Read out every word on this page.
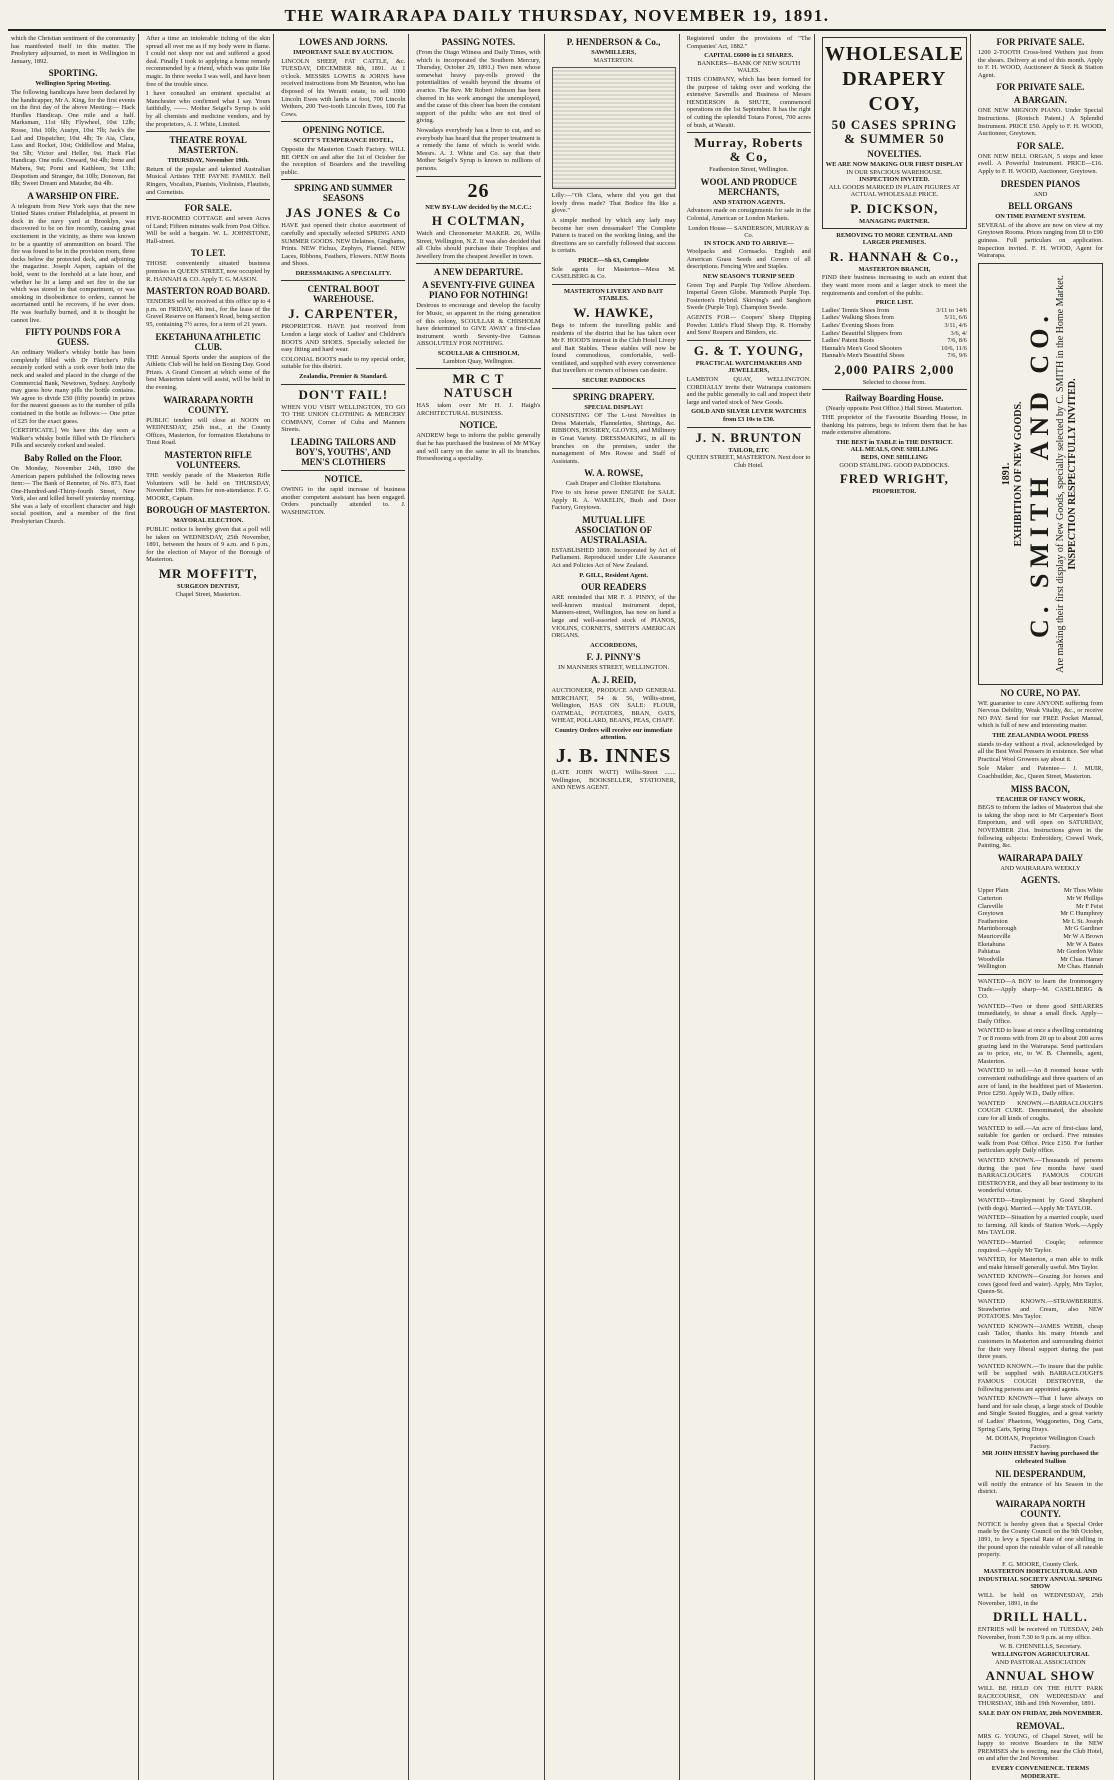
THE WAIRARAPA DAILY THURSDAY, NOVEMBER 19, 1891.
which the Christian sentiment of the community has manifested itself in this matter. The Presbytery adjourned, to meet in Wellington in January, 1892.
SPORTING.
Wellington Spring Meeting.
The following handicaps have been declared by the handicapper, Mr A. King, for the first events on the first day of the above Meeting:— Hack Hurdles Handicap. One mile and a half. Marksman, 11st 6lb; Flywheel, 10st 12lb; Rosse, 10st 10lb; Austyn, 10st 7lb; Jack's the Lad and Dispatcher, 10st 4lb; Te Aia, Clara, Lass and Rocket, 10st; Oddfellow and Malua, 9st 5lb; Victor and Heller, 9st. Hack Flat Handicap. One mile. Onward, 9st 4lb; Irene and Mabera, 9st; Pomi and Kathleen, 9st 13lb; Despotism and Stranger, 8st 10lb; Donovan, 8st 8lb; Sweet Dream and Matador, 8st 4lb.
A WARSHIP ON FIRE.
A telegram from New York says that the new United States cruiser Philadelphia, at present in dock in the navy yard at Brooklyn, was discovered to be on fire recently, causing great excitement in the vicinity, as there was known to be a quantity of ammunition on board. The fire was found to be in the provision room, three decks below the protected deck, and adjoining the magazine. Joseph Aspen, captain of the hold, went to the forehold at a late hour, and whether he lit a lamp and set fire to the tar which was stored in that compartment, or was smoking in disobedience to orders, cannot be ascertained until he recovers, if he ever does. He was fearfully burned, and it is thought he cannot live.
FIFTY POUNDS FOR A GUESS.
An ordinary Walker's whisky bottle has been completely filled with Dr Fletcher's Pills securely corked with a cork over both into the neck and sealed and placed in the charge of the Commercial Bank, Newtown, Sydney. Anybody may guess how many pills the bottle contains. We agree to divide £50 (fifty pounds) in prizes for the nearest guesses as to the number of pills contained in the bottle as follows:— One prize of £25 for the exact guess.
[CERTIFICATE.] We have this day seen a Walker's whisky bottle filled with Dr Fletcher's Pills and securely corked and sealed.
Baby Rolled on the Floor.
On Monday, November 24th, 1890 the American papers published the following news item:— The Bank of Renneter, of No. 873, East One-Hundred-and-Thirty-fourth Street, New York, also and killed herself yesterday morning. She was a lady of excellent character and high social position, and a member of the first Presbyterian Church.
After a time an intolerable itching of the skin spread all over me as if my body were in flame. I could not sleep nor eat and suffered a good deal. Finally I took to applying a home remedy recommended by a friend, which was quite like magic. In three weeks I was well, and have been free of the trouble since.
I have consulted an eminent specialist at Manchester who confirmed what I say. Yours faithfully, ——. Mother Seigel's Syrup is sold by all chemists and medicine vendors, and by the proprietors, A. J. White, Limited.
THEATRE ROYAL MASTERTON.
THURSDAY, November 19th.
Return of the popular and talented Australian Musical Artistes THE PAYNE FAMILY. Bell Ringers, Vocalists, Pianists, Violinists, Flautists, and Cornetists.
FOR SALE.
FIVE-ROOMED COTTAGE and seven Acres of Land; Fifteen minutes walk from Post Office. Will be sold a bargain. W. L. JOHNSTONE, Hall-street.
TO LET.
THOSE conveniently situated business premises in QUEEN STREET, now occupied by R. HANNAH & CO. Apply T. G. MASON.
MASTERTON ROAD BOARD.
TENDERS will be received at this office up to 4 p.m. on FRIDAY, 4th inst., for the lease of the Gravel Reserve on Hansen's Road, being section 95, containing 7½ acres, for a term of 21 years.
EKETAHUNA ATHLETIC CLUB.
THE Annual Sports under the auspices of the Athletic Club will be held on Boxing Day. Good Prizes. A Grand Concert at which some of the best Masterton talent will assist, will be held in the evening.
WAIRARAPA NORTH COUNTY.
PUBLIC tenders will close at NOON on WEDNESDAY, 25th inst., at the County Offices, Masterton, for formation Eketahuna to Tinui Road.
MASTERTON RIFLE VOLUNTEERS.
THE weekly parade of the Masterton Rifle Volunteers will be held on THURSDAY, November 19th. Fines for non-attendance. F. G. MOORE, Captain.
BOROUGH OF MASTERTON.
MAYORAL ELECTION.
PUBLIC notice is hereby given that a poll will be taken on WEDNESDAY, 25th November, 1891, between the hours of 9 a.m. and 6 p.m., for the election of Mayor of the Borough of Masterton.
MR MOFFITT,
SURGEON DENTIST,
Chapel Street, Masterton.
LOWES AND JORNS.
IMPORTANT SALE BY AUCTION.
LINCOLN SHEEP, FAT CATTLE, &c. TUESDAY, DECEMBER 8th, 1891. At 1 o'clock. MESSRS LOWES & JORNS have received instructions from Mr Brunton, who has disposed of his Weraiti estate, to sell 1000 Lincoln Ewes with lambs at foot, 700 Lincoln Wethers, 200 Two-tooth Lincoln Ewes, 100 Fat Cows.
OPENING NOTICE.
SCOTT'S TEMPERANCE HOTEL,
Opposite the Masterton Coach Factory. WILL BE OPEN on and after the 1st of October for the reception of Boarders and the travelling public.
SPRING AND SUMMER SEASONS
JAS JONES & Co
HAVE just opened their choice assortment of carefully and specially selected SPRING AND SUMMER GOODS. NEW Delaines, Ginghams, Prints. NEW Fichus, Zephyrs, Flannel. NEW Laces, Ribbons, Feathers, Flowers. NEW Boots and Shoes.
DRESSMAKING A SPECIALITY.
CENTRAL BOOT WAREHOUSE.
J. CARPENTER,
PROPRIETOR. HAVE just received from London a large stock of Ladies' and Children's BOOTS AND SHOES. Specially selected for easy fitting and hard wear.
COLONIAL BOOTS made to my special order, suitable for this district.
Zealandia, Premier & Standard.
DON'T FAIL!
WHEN YOU VISIT WELLINGTON, TO GO TO THE UNION CLOTHING & MERCERY COMPANY, Corner of Cuba and Manners Streets.
LEADING TAILORS AND BOY'S, YOUTHS', AND MEN'S CLOTHIERS
NOTICE.
OWING to the rapid increase of business another competent assistant has been engaged. Orders punctually attended to. J. WASHINGTON.
PASSING NOTES.
(From the Otago Witness and Daily Times, with which is incorporated the Southern Mercury, Thursday, October 29, 1891.) Two men whose somewhat heavy pay-rolls proved the potentialities of wealth beyond the dreams of avarice. The Rev. Mr Robert Johnson has been cheered in his work amongst the unemployed, and the cause of this cheer has been the constant support of the public who are not tired of giving.
Nowadays everybody has a liver to cut, and so everybody has heard that the proper treatment is a remedy the fame of which is world wide. Messrs. A. J. White and Co. say that their Mother Seigel's Syrup is known to millions of persons.
26
NEW BY-LAW decided by the M.C.C.:
H COLTMAN,
Watch and Chronometer MAKER. 26, Willis Street, Wellington, N.Z. It was also decided that all Clubs should purchase their Trophies and Jewellery from the cheapest Jeweller in town.
A NEW DEPARTURE.
A SEVENTY-FIVE GUINEA PIANO FOR NOTHING!
Desirous to encourage and develop the faculty for Music, so apparent in the rising generation of this colony, SCOULLAR & CHISHOLM have determined to GIVE AWAY a first-class instrument worth Seventy-five Guineas ABSOLUTELY FOR NOTHING.
SCOULLAR & CHISHOLM,
Lambton Quay, Wellington.
MR C T NATUSCH
HAS taken over Mr H. J. Haigh's ARCHITECTURAL BUSINESS.
NOTICE.
ANDREW begs to inform the public generally that he has purchased the business of Mr M'Kay and will carry on the same in all its branches. Horseshoeing a speciality.
P. HENDERSON & Co.,
SAWMILLERS,
MASTERTON.
Lilly:—"Oh Clara, where did you get that lovely dress made? That Bodice fits like a glove."
A simple method by which any lady may become her own dressmaker! The Complete Pattern is traced on the working lining, and the directions are so carefully followed that success is certain.
PRICE—Sh 63, Complete
Sole agents for Masterton—Mess M. CASELBERG & Co.
MASTERTON LIVERY AND BAIT STABLES.
W. HAWKE,
Begs to inform the travelling public and residents of the district that he has taken over Mr F. HOOD'S interest in the Club Hotel Livery and Bait Stables. These stables will now be found commodious, comfortable, well-ventilated, and supplied with every convenience that travellers or owners of horses can desire.
SECURE PADDOCKS
SPRING DRAPERY.
SPECIAL DISPLAY!
CONSISTING OF The L-test Novelties in Dress Materials, Flannelettes, Shirtings, &c. RIBBONS, HOSIERY, GLOVES, and Millinery in Great Variety. DRESSMAKING, in all its branches on the premises, under the management of Mrs Rowse and Staff of Assistants.
W. A. ROWSE,
Cash Draper and Clothier Eketahuna.
Five to six horse power ENGINE for SALE. Apply R. A. WAKELIN, Bush and Door Factory, Greytown.
MUTUAL LIFE ASSOCIATION OF AUSTRALASIA.
ESTABLISHED 1869. Incorporated by Act of Parliament. Reproduced under Life Assurance Act and Policies Act of New Zealand.
P. GILL, Resident Agent.
OUR READERS
ARE reminded that MR F. J. PINNY, of the well-known musical instrument depot, Manners-street, Wellington, has now on hand a large and well-assorted stock of PIANOS, VIOLINS, CORNETS, SMITH'S AMERICAN ORGANS.
ACCORDEONS,
F. J. PINNY'S
IN MANNERS STREET, WELLINGTON.
A. J. REID,
AUCTIONEER, PRODUCE AND GENERAL MERCHANT, 54 & 56, Willis-street, Wellington, HAS ON SALE: FLOUR, OATMEAL, POTATOES, BRAN, OATS, WHEAT, POLLARD, BEANS, PEAS, CHAFF.
Country Orders will receive our immediate attention.
J. B. INNES
(LATE JOHN WATT) Willis-Street ....... Wellington, BOOKSELLER, STATIONER, AND NEWS AGENT.
Registered under the provisions of "The Companies' Act, 1882."
CAPITAL £6000 in £1 SHARES.
BANKERS—BANK OF NEW SOUTH WALES.
THIS COMPANY, which has been formed for the purpose of taking over and working the extensive Sawmills and Business of Messrs HENDERSON & SHUTE, commenced operations on the 1st September. It has the right of cutting the splendid Totara Forest, 700 acres of bush, at Waraiti.
Murray, Roberts & Co,
Featherston Street, Wellington.
WOOL AND PRODUCE MERCHANTS,
AND STATION AGENTS.
Advances made on consignments for sale in the Colonial, American or London Markets.
London House— SANDERSON, MURRAY & Co.
IN STOCK AND TO ARRIVE—
Woolpacks and Cornsacks. English and American Grass Seeds and Covers of all descriptions. Fencing Wire and Staples.
NEW SEASON'S TURNIP SEED
Green Top and Purple Top Yellow Aberdeen. Imperial Green Globe. Mammoth Purple Top. Fosterton's Hybrid. Skirving's and Sanghorn Swede (Purple Top). Champion Swede.
AGENTS FOR— Coopers' Sheep Dipping Powder. Little's Fluid Sheep Dip. R. Hornsby and Sons' Reapers and Binders, etc.
G. & T. YOUNG,
PRACTICAL WATCHMAKERS AND JEWELLERS,
LAMBTON QUAY, WELLINGTON. CORDIALLY invite their Wairarapa customers and the public generally to call and inspect their large and varied stock of New Goods.
GOLD AND SILVER LEVER WATCHES from £3 10s to £30.
J. N. BRUNTON
TAILOR, ETC
QUEEN STREET, MASTERTON. Next door to Club Hotel.
WHOLESALE
DRAPERY
COY,
50 CASES SPRING & SUMMER 50
NOVELTIES.
WE ARE NOW MAKING OUR FIRST DISPLAY
IN OUR SPACIOUS WAREHOUSE.
INSPECTION INVITED.
ALL GOODS MARKED IN PLAIN FIGURES AT ACTUAL WHOLESALE PRICE.
P. DICKSON,
MANAGING PARTNER.
REMOVING TO MORE CENTRAL AND LARGER PREMISES.
R. HANNAH & Co.,
MASTERTON BRANCH,
FIND their business increasing to such an extent that they want more room and a larger stock to meet the requirements and comfort of the public.
PRICE LIST.
Ladies' Tennis Shoes from	3/11 to 14/6
Ladies' Walking Shoes from	5/11, 6/6
Ladies' Evening Shoes from	3/11, 4/6
Ladies' Beautiful Slippers from	3/6, 4/
Ladies' Patent Boots	7/6, 8/6
Hannah's Men's Good Shooters	10/6, 11/6
Hannah's Men's Beautiful Shoes	7/6, 9/6
2,000 PAIRS 2,000
Selected to choose from.
Railway Boarding House.
(Nearly opposite Post Office.) Hall Street. Masterton.
THE proprietor of the Favourite Boarding House, in thanking his patrons, begs to inform them that he has made extensive alterations.
THE BEST in TABLE in THE DISTRICT.
ALL MEALS, ONE SHILLING
BEDS, ONE SHILLING
GOOD STABLING. GOOD PADDOCKS.
FRED WRIGHT,
PROPRIETOR.
FOR PRIVATE SALE.
1200 2-TOOTH Cross-bred Wethers just from the shears. Delivery at end of this month. Apply to F. H. WOOD, Auctioneer & Stock & Station Agent.
FOR PRIVATE SALE.
A BARGAIN.
ONE NEW MIGNON PIANO. Under Special Instructions. (Ronisch Patent.) A Splendid Instrument. PRICE £50. Apply to F. H. WOOD, Auctioneer, Greytown.
FOR SALE.
ONE NEW BELL ORGAN, 5 stops and knee swell. A Powerful Instrument. PRICE—£16. Apply to F. H. WOOD, Auctioneer, Greytown.
DRESDEN PIANOS
AND
BELL ORGANS
ON TIME PAYMENT SYSTEM.
SEVERAL of the above are now on view at my Greytown Rooms. Prices ranging from £8 to £90 guineas. Full particulars on application. Inspection invited. F. H. WOOD, Agent for Wairarapa.
1891. EXHIBITION OF NEW GOODS. C. SMITH AND CO. Are making their first display of New Goods, specially selected by C. SMITH in the Home Market. INSPECTION RESPECTFULLY INVITED.
NO CURE, NO PAY.
WE guarantee to cure ANYONE suffering from Nervous Debility, Weak Vitality, &c., or receive NO PAY. Send for our FREE Pocket Manual, which is full of new and interesting matter.
THE ZEALANDIA WOOL PRESS
stands to-day without a rival, acknowledged by all the Best Wool Pressers in existence. See what Practical Wool Growers say about it.
Sole Maker and Patentee— J. MUIR, Coachbuilder, &c., Queen Street, Masterton.
MISS BACON,
TEACHER OF FANCY WORK,
BEGS to inform the ladies of Masterton that she is taking the shop next to Mr Carpenter's Boot Emporium, and will open on SATURDAY, NOVEMBER 21st. Instructions given in the following subjects: Embroidery, Crewel Work, Painting, &c.
WAIRARAPA DAILY
AND WAIRARAPA WEEKLY
AGENTS.
Upper Plain	Mr Thos White
Carterton	Mr W Phillips
Clareville	Mr F Feist
Greytown	Mr C Humphrey
Featherston	Mr L St. Joseph
Martinborough	Mr G Gardiner
Mauriceville	Mr W A Brown
Eketahuna	Mr W A Bates
Pahiatua	Mr Gordon White
Woodville	Mr Chas. Hamer
Wellington	Mr Chas. Hannah
WANTED—A BOY to learn the Ironmongery Trade.—Apply sharp—M. CASELBERG & CO.
WANTED—Two or three good SHEARERS immediately, to shear a small flock. Apply—Daily Office.
WANTED to lease at once a dwelling containing 7 or 8 rooms with from 20 up to about 200 acres grazing land in the Wairarapa. Send particulars as to price, etc, to W. B. Chennells, agent, Masterton.
WANTED to sell.—An 8 roomed house with convenient outbuildings and three quarters of an acre of land, in the healthiest part of Masterton. Price £250. Apply W.D., Daily office.
WANTED KNOWN.—BARRACLOUGH'S COUGH CURE. Denominated, the absolute cure for all kinds of coughs.
WANTED to sell.—An acre of first-class land, suitable for garden or orchard. Five minutes walk from Post Office. Price £150. For further particulars apply Daily office.
WANTED KNOWN.—Thousands of persons during the past few months have used BARRACLOUGH'S FAMOUS COUGH DESTROYER, and they all bear testimony to its wonderful virtue.
WANTED—Employment by Good Shepherd (with dogs). Married.—Apply Mr TAYLOR.
WANTED—Situation by a married couple, used to farming. All kinds of Station Work.—Apply Mrs TAYLOR.
WANTED—Married Couple; reference required.—Apply Mr Taylor.
WANTED, for Masterton, a man able to milk and make himself generally useful. Mrs Taylor.
WANTED KNOWN—Grazing for horses and cows (good feed and water). Apply, Mrs Taylor, Queen-St.
WANTED KNOWN.—STRAWBERRIES. Strawberries and Cream, also NEW POTATOES. Mrs Taylor.
WANTED KNOWN—JAMES WEBB, cheap cash Tailor, thanks his many friends and customers in Masterton and surrounding district for their very liberal support during the past three years.
WANTED KNOWN.—To insure that the public will be supplied with BARRACLOUGH'S FAMOUS COUGH DESTROYER, the following persons are appointed agents.
WANTED KNOWN—That I have always on hand and for sale cheap, a large stock of Double and Single Seated Buggies, and a great variety of Ladies' Phaetons, Waggonettes, Dog Carts, Spring Carts, Spring Drays.
M. DOHAN, Proprietor Wellington Coach Factory.
MR JOHN HESSEY having purchased the celebrated Stallion
NIL DESPERANDUM,
will notify the entrance of his Season in the district.
WAIRARAPA NORTH COUNTY.
NOTICE is hereby given that a Special Order made by the County Council on the 9th October, 1891, to levy a Special Rate of one shilling in the pound upon the rateable value of all rateable property.
F. G. MOORE, County Clerk.
MASTERTON HORTICULTURAL AND INDUSTRIAL SOCIETY ANNUAL SPRING SHOW
WILL be held on WEDNESDAY, 25th November, 1891, in the
DRILL HALL.
ENTRIES will be received on TUESDAY, 24th November, from 7.30 to 9 p.m. at my office.
W. B. CHENNELLS, Secretary.
WELLINGTON AGRICULTURAL
AND PASTORAL ASSOCIATION
ANNUAL SHOW
WILL BE HELD ON THE HUTT PARK RACECOURSE, ON WEDNESDAY and THURSDAY, 18th and 19th November, 1891.
SALE DAY ON FRIDAY, 20th NOVEMBER.
REMOVAL.
MRS G. YOUNG, of Chapel Street, will be happy to receive Boarders in the NEW PREMISES she is erecting, near the Club Hotel, on and after the 2nd November.
EVERY CONVENIENCE. TERMS MODERATE.
